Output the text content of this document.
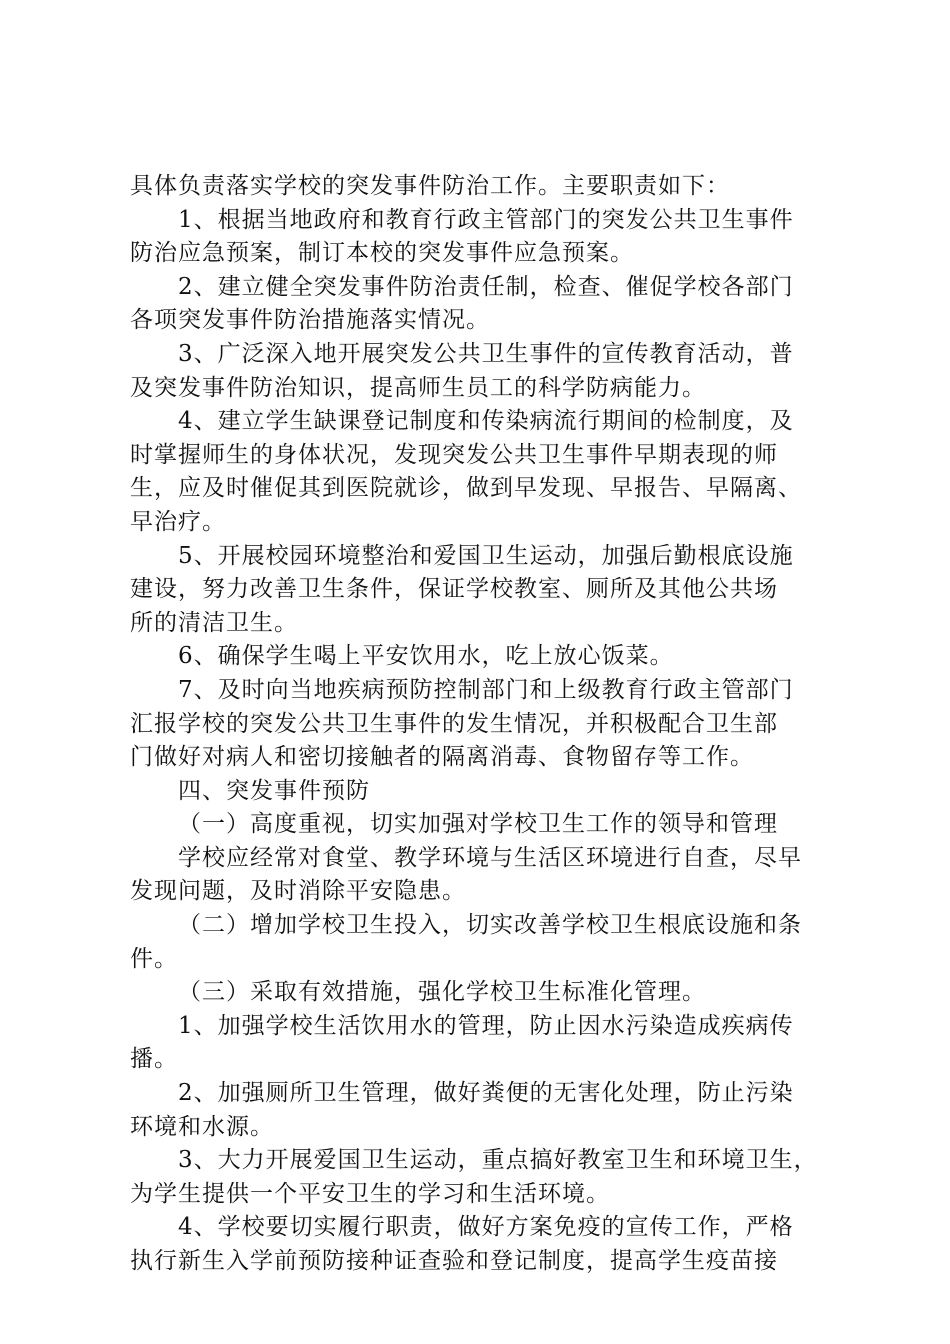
具体负责落实学校的突发事件防治工作。主要职责如下：
1、根据当地政府和教育行政主管部门的突发公共卫生事件
防治应急预案，制订本校的突发事件应急预案。
2、建立健全突发事件防治责任制，检查、催促学校各部门
各项突发事件防治措施落实情况。
3、广泛深入地开展突发公共卫生事件的宣传教育活动，普
及突发事件防治知识，提高师生员工的科学防病能力。
4、建立学生缺课登记制度和传染病流行期间的检制度，及
时掌握师生的身体状况，发现突发公共卫生事件早期表现的师
生，应及时催促其到医院就诊，做到早发现、早报告、早隔离、
早治疗。
5、开展校园环境整治和爱国卫生运动，加强后勤根底设施
建设，努力改善卫生条件，保证学校教室、厕所及其他公共场
所的清洁卫生。
6、确保学生喝上平安饮用水，吃上放心饭菜。
7、及时向当地疾病预防控制部门和上级教育行政主管部门
汇报学校的突发公共卫生事件的发生情况，并积极配合卫生部
门做好对病人和密切接触者的隔离消毒、食物留存等工作。
四、突发事件预防
（一）高度重视，切实加强对学校卫生工作的领导和管理
学校应经常对食堂、教学环境与生活区环境进行自查，尽早
发现问题，及时消除平安隐患。
（二）增加学校卫生投入，切实改善学校卫生根底设施和条
件。
（三）采取有效措施，强化学校卫生标准化管理。
1、加强学校生活饮用水的管理，防止因水污染造成疾病传
播。
2、加强厕所卫生管理，做好粪便的无害化处理，防止污染
环境和水源。
3、大力开展爱国卫生运动，重点搞好教室卫生和环境卫生，
为学生提供一个平安卫生的学习和生活环境。
4、学校要切实履行职责，做好方案免疫的宣传工作，严格
执行新生入学前预防接种证查验和登记制度，提高学生疫苗接
